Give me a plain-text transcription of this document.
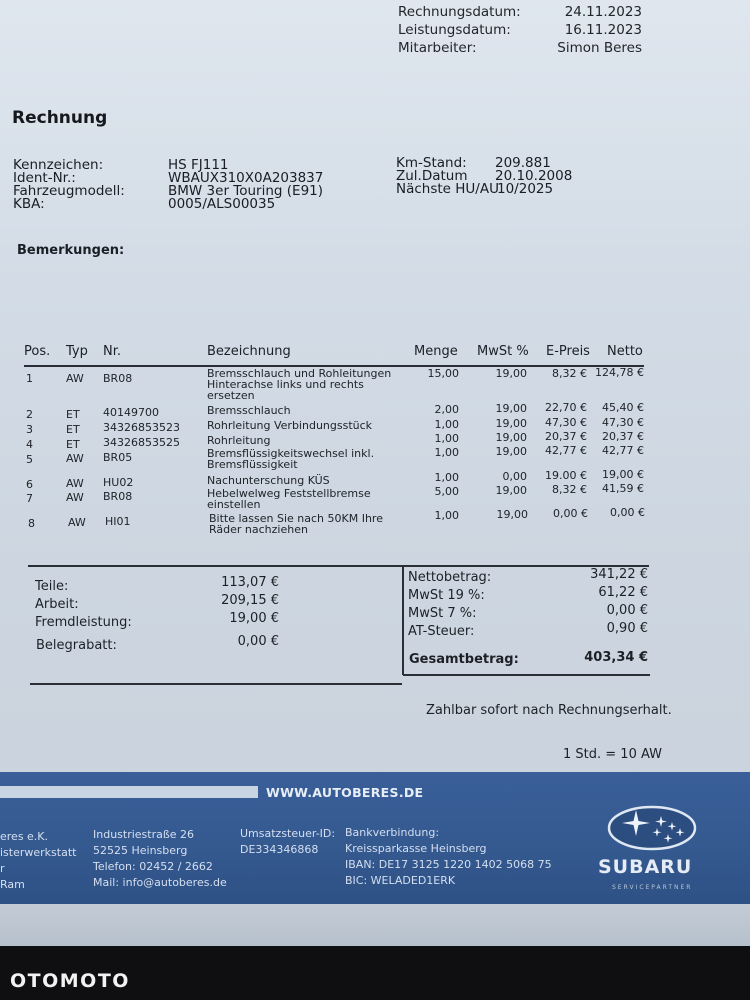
Rechnungsdatum:	24.11.2023
Leistungsdatum:	16.11.2023
Mitarbeiter:	Simon Beres
Rechnung
Kennzeichen:	HS FJ111
Ident-Nr.:	WBAUX310X0A203837
Fahrzeugmodell:	BMW 3er Touring (E91)
KBA:	0005/ALS00035
Km-Stand: 209.881
Zul.Datum 20.10.2008
Nächste HU/AU
10/2025
Bemerkungen:
Pos. Typ Nr.	Bezeichnung	Menge MwSt % E-Preis Netto
1	AW BR08	Bremsschlauch und Rohleitungen
Hinterachse links und rechts
ersetzen
15,00	19,00 8,32 € 124,78 €
2	ET 40149700	Bremsschlauch	2,00	19,00 22,70 € 45,40 €
3	ET 34326853523 Rohrleitung Verbindungsstück	1,00	19,00 47,30 € 47,30 €
4	ET 34326853525 Rohrleitung	1,00	19,00 20,37 € 20,37 €
5	AW BR05	Bremsflüssigkeitswechsel inkl.
Bremsflüssigkeit
1,00	19,00 42,77 € 42,77 €
6	AW HU02	Nachunterschung KÜS	1,00	0,00 19.00 € 19,00 €
7	AW BR08	Hebelwelweg Feststellbremse
einstellen
5,00	19,00 8,32 € 41,59 €
8	AW HI01	Bitte lassen Sie nach 50KM Ihre
Räder nachziehen
1,00	19,00 0,00 € 0,00 €
Teile:	113,07 €
Arbeit:	209,15 €
Fremdleistung:	19,00 €
Belegrabatt:	0,00 €
Nettobetrag:	341,22 €
MwSt 19 %:	61,22 €
MwSt 7 %:	0,00 €
AT-Steuer:	0,90 €
Gesamtbetrag:	403,34 €
Zahlbar sofort nach Rechnungserhalt.
1 Std. = 10 AW
WWW.AUTOBERES.DE
eres e.K.
isterwerkstatt
r
Ram
Industriestraße 26
52525 Heinsberg
Telefon: 02452 / 2662
Mail: info@autoberes.de
Umsatzsteuer-ID:
DE334346868
Bankverbindung:
Kreissparkasse Heinsberg
IBAN: DE17 3125 1220 1402 5068 75
BIC: WELADED1ERK
SUBARU
SERVICEPARTNER
OTOMOTO
